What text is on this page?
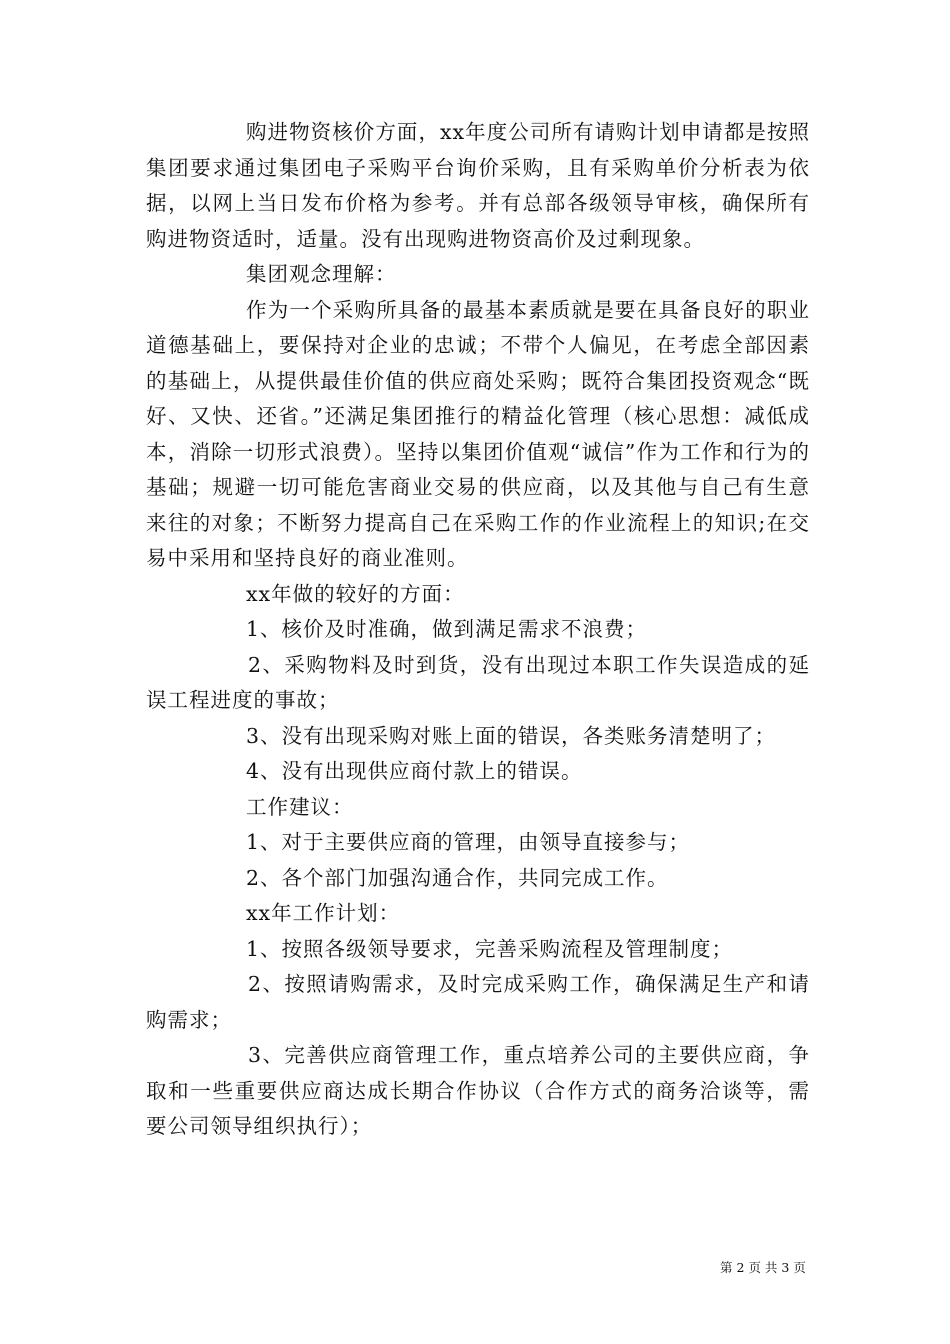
购进物资核价方面，xx年度公司所有请购计划申请都是按照集团要求通过集团电子采购平台询价采购，且有采购单价分析表为依据，以网上当日发布价格为参考。并有总部各级领导审核，确保所有购进物资适时，适量。没有出现购进物资高价及过剩现象。

集团观念理解：

作为一个采购所具备的最基本素质就是要在具备良好的职业道德基础上，要保持对企业的忠诚；不带个人偏见，在考虑全部因素的基础上，从提供最佳价值的供应商处采购；既符合集团投资观念“既好、又快、还省。”还满足集团推行的精益化管理（核心思想：减低成本，消除一切形式浪费）。坚持以集团价值观“诚信”作为工作和行为的基础；规避一切可能危害商业交易的供应商，以及其他与自己有生意来往的对象；不断努力提高自己在采购工作的作业流程上的知识;在交易中采用和坚持良好的商业准则。

xx年做的较好的方面：

1、核价及时准确，做到满足需求不浪费；

2、采购物料及时到货，没有出现过本职工作失误造成的延误工程进度的事故；

3、没有出现采购对账上面的错误，各类账务清楚明了；

4、没有出现供应商付款上的错误。

工作建议：

1、对于主要供应商的管理，由领导直接参与；

2、各个部门加强沟通合作，共同完成工作。

xx年工作计划：

1、按照各级领导要求，完善采购流程及管理制度；

2、按照请购需求，及时完成采购工作，确保满足生产和请购需求；

3、完善供应商管理工作，重点培养公司的主要供应商，争取和一些重要供应商达成长期合作协议（合作方式的商务洽谈等，需要公司领导组织执行）；

第 2 页 共 3 页
